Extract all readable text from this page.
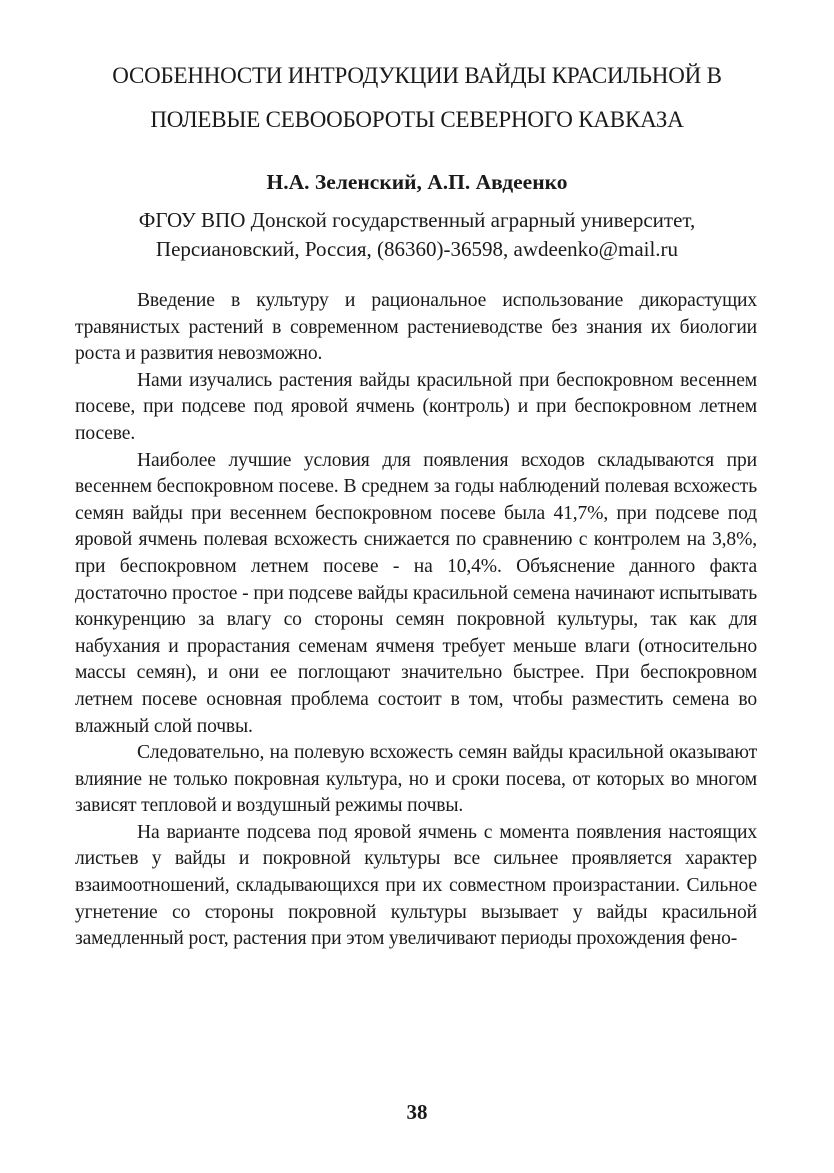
ОСОБЕННОСТИ ИНТРОДУКЦИИ ВАЙДЫ КРАСИЛЬНОЙ В
ПОЛЕВЫЕ СЕВООБОРОТЫ СЕВЕРНОГО КАВКАЗА
Н.А. Зеленский, А.П. Авдеенко
ФГОУ ВПО Донской государственный аграрный университет,
Персиановский, Россия, (86360)-36598, awdeenko@mail.ru

Введение в культуру и рациональное использование дикорастущих травянистых растений в современном растениеводстве без знания их биологии роста и развития невозможно.

Нами изучались растения вайды красильной при беспокровном весеннем посеве, при подсеве под яровой ячмень (контроль) и при беспокровном летнем посеве.

Наиболее лучшие условия для появления всходов складываются при весеннем беспокровном посеве. В среднем за годы наблюдений полевая всхожесть семян вайды при весеннем беспокровном посеве была 41,7%, при подсеве под яровой ячмень полевая всхожесть снижается по сравнению с контролем на 3,8%, при беспокровном летнем посеве - на 10,4%. Объяснение данного факта достаточно простое - при подсеве вайды красильной семена начинают испытывать конкуренцию за влагу со стороны семян покровной культуры, так как для набухания и прорастания семенам ячменя требует меньше влаги (относительно массы семян), и они ее поглощают значительно быстрее. При беспокровном летнем посеве основная проблема состоит в том, чтобы разместить семена во влажный слой почвы.

Следовательно, на полевую всхожесть семян вайды красильной оказывают влияние не только покровная культура, но и сроки посева, от которых во многом зависят тепловой и воздушный режимы почвы.

На варианте подсева под яровой ячмень с момента появления настоящих листьев у вайды и покровной культуры все сильнее проявляется характер взаимоотношений, складывающихся при их совместном произрастании. Сильное угнетение со стороны покровной культуры вызывает у вайды красильной замедленный рост, растения при этом увеличивают периоды прохождения фено-

38
